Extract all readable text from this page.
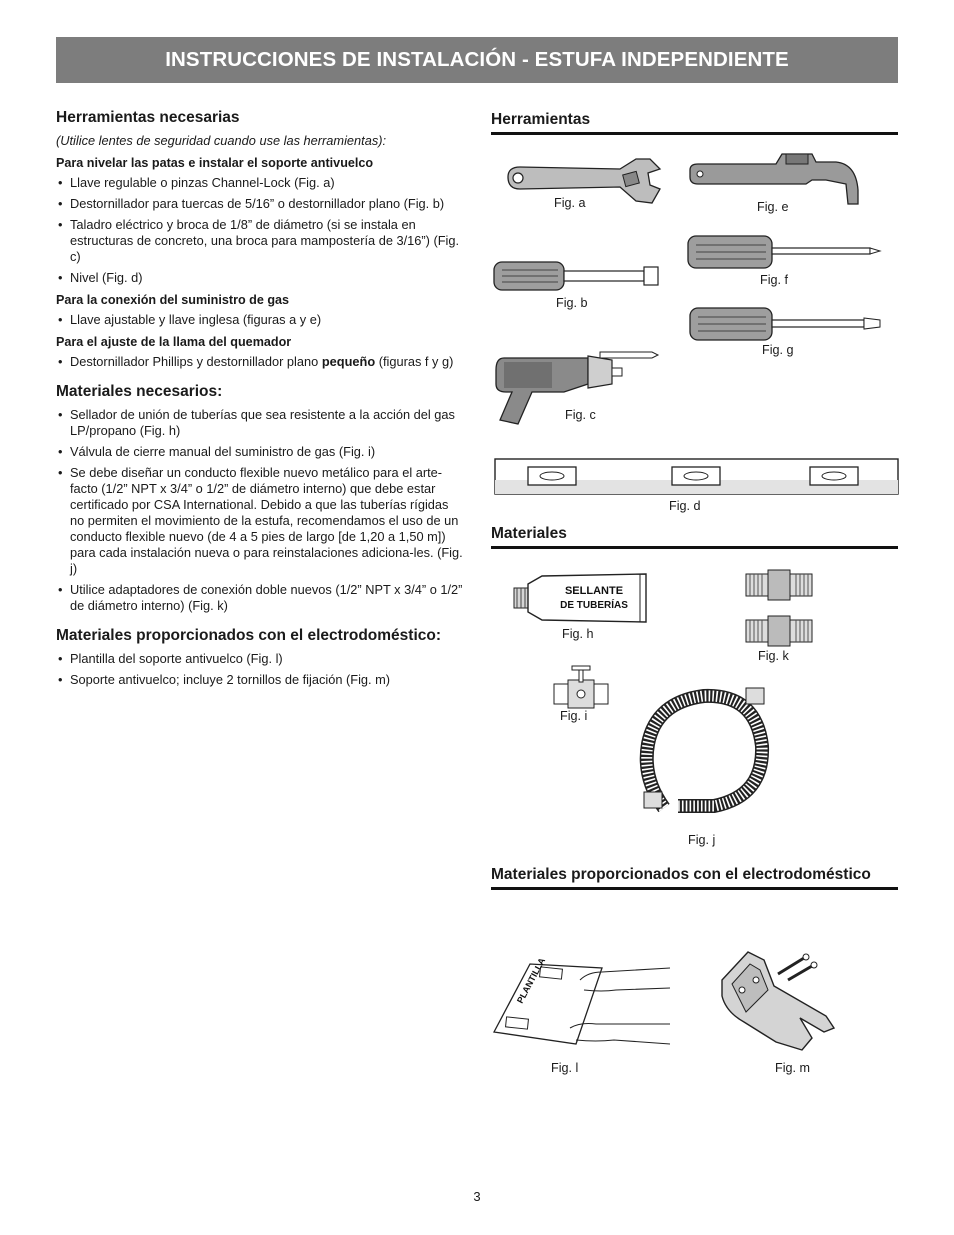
INSTRUCCIONES DE INSTALACIÓN - ESTUFA INDEPENDIENTE
Herramientas necesarias

(Utilice lentes de seguridad cuando use las herramientas):

Para nivelar las patas e instalar el soporte antivuelco
• Llave regulable o pinzas Channel-Lock (Fig. a)
• Destornillador para tuercas de 5/16” o destornillador plano (Fig. b)
• Taladro eléctrico y broca de 1/8” de diámetro (si se instala en estructuras de concreto, una broca para mampostería de 3/16”) (Fig. c)
• Nivel (Fig. d)
Para la conexión del suministro de gas
• Llave ajustable y llave inglesa (figuras a y e)
Para el ajuste de la llama del quemador
• Destornillador Phillips y destornillador plano pequeño (figuras f y g)
Materiales necesarios:
• Sellador de unión de tuberías que sea resistente a la acción del gas LP/propano (Fig. h)
• Válvula de cierre manual del suministro de gas (Fig. i)
• Se debe diseñar un conducto flexible nuevo metálico para el arte-facto (1/2” NPT x 3/4” o 1/2” de diámetro interno) que debe estar certificado por CSA International. Debido a que las tuberías rígidas no permiten el movimiento de la estufa, recomendamos el uso de un conducto flexible nuevo (de 4 a 5 pies de largo [de 1,20 a 1,50 m]) para cada instalación nueva o para reinstalaciones adiciona-les. (Fig. j)
• Utilice adaptadores de conexión doble nuevos (1/2” NPT x 3/4” o 1/2” de diámetro interno) (Fig. k)
Materiales proporcionados con el electrodoméstico:
• Plantilla del soporte antivuelco (Fig. l)
• Soporte antivuelco; incluye 2 tornillos de fijación (Fig. m)
Herramientas
Materiales
Materiales proporcionados con el electrodoméstico
Fig. a	Fig. e
Fig. b
Fig. f
Fig. g
Fig. c
Fig. d
SELLANTE
DE TUBERÍAS
Fig. h
Fig. k
Fig. i
Fig. j
PLANTILLA
Fig. l	Fig. m
3
